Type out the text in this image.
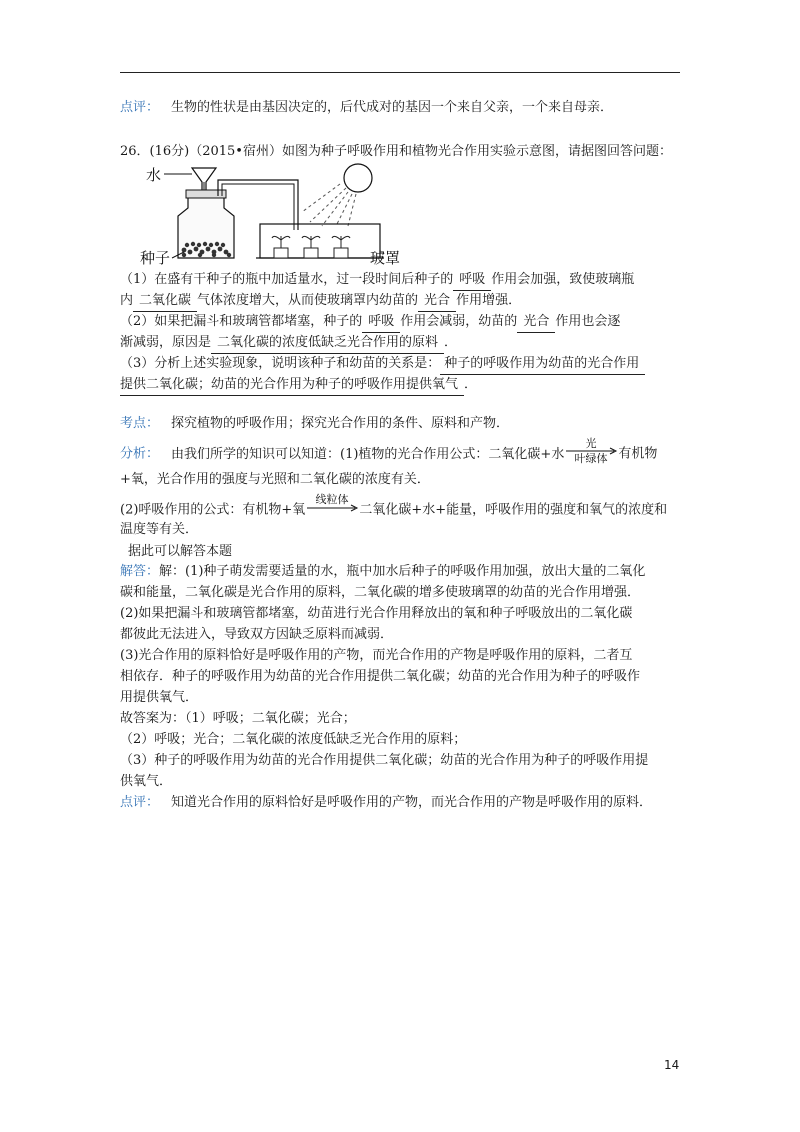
点评： 生物的性状是由基因决定的，后代成对的基因一个来自父亲，一个来自母亲．
26．(16分)（2015•宿州）如图为种子呼吸作用和植物光合作用实验示意图，请据图回答问题：
水
种子	玻罩
（1）在盛有干种子的瓶中加适量水，过一段时间后种子的 呼吸 作用会加强，致使玻璃瓶
内 二氧化碳 气体浓度增大，从而使玻璃罩内幼苗的 光合 作用增强．
（2）如果把漏斗和玻璃管都堵塞，种子的 呼吸 作用会减弱，幼苗的 光合 作用也会逐
渐减弱，原因是 二氧化碳的浓度低缺乏光合作用的原料 ．
（3）分析上述实验现象，说明该种子和幼苗的关系是： 种子的呼吸作用为幼苗的光合作用
提供二氧化碳；幼苗的光合作用为种子的呼吸作用提供氧气 ．
考点： 探究植物的呼吸作用；探究光合作用的条件、原料和产物．
分析： 由我们所学的知识可以知道：(1)植物的光合作用公式：二氧化碳+水
光
叶绿体 有机物
+氧，光合作用的强度与光照和二氧化碳的浓度有关．
(2)呼吸作用的公式：有机物+氧
线粒体
二氧化碳+水+能量，呼吸作用的强度和氧气的浓度和
温度等有关．
据此可以解答本题
解答：解：(1)种子萌发需要适量的水，瓶中加水后种子的呼吸作用加强，放出大量的二氧化
碳和能量，二氧化碳是光合作用的原料，二氧化碳的增多使玻璃罩的幼苗的光合作用增强．
(2)如果把漏斗和玻璃管都堵塞，幼苗进行光合作用释放出的氧和种子呼吸放出的二氧化碳
都彼此无法进入，导致双方因缺乏原料而减弱．
(3)光合作用的原料恰好是呼吸作用的产物，而光合作用的产物是呼吸作用的原料，二者互
相依存．种子的呼吸作用为幼苗的光合作用提供二氧化碳；幼苗的光合作用为种子的呼吸作
用提供氧气．
故答案为：（1）呼吸；二氧化碳；光合；
（2）呼吸；光合；二氧化碳的浓度低缺乏光合作用的原料；
（3）种子的呼吸作用为幼苗的光合作用提供二氧化碳；幼苗的光合作用为种子的呼吸作用提
供氧气．
点评： 知道光合作用的原料恰好是呼吸作用的产物，而光合作用的产物是呼吸作用的原料．
14
